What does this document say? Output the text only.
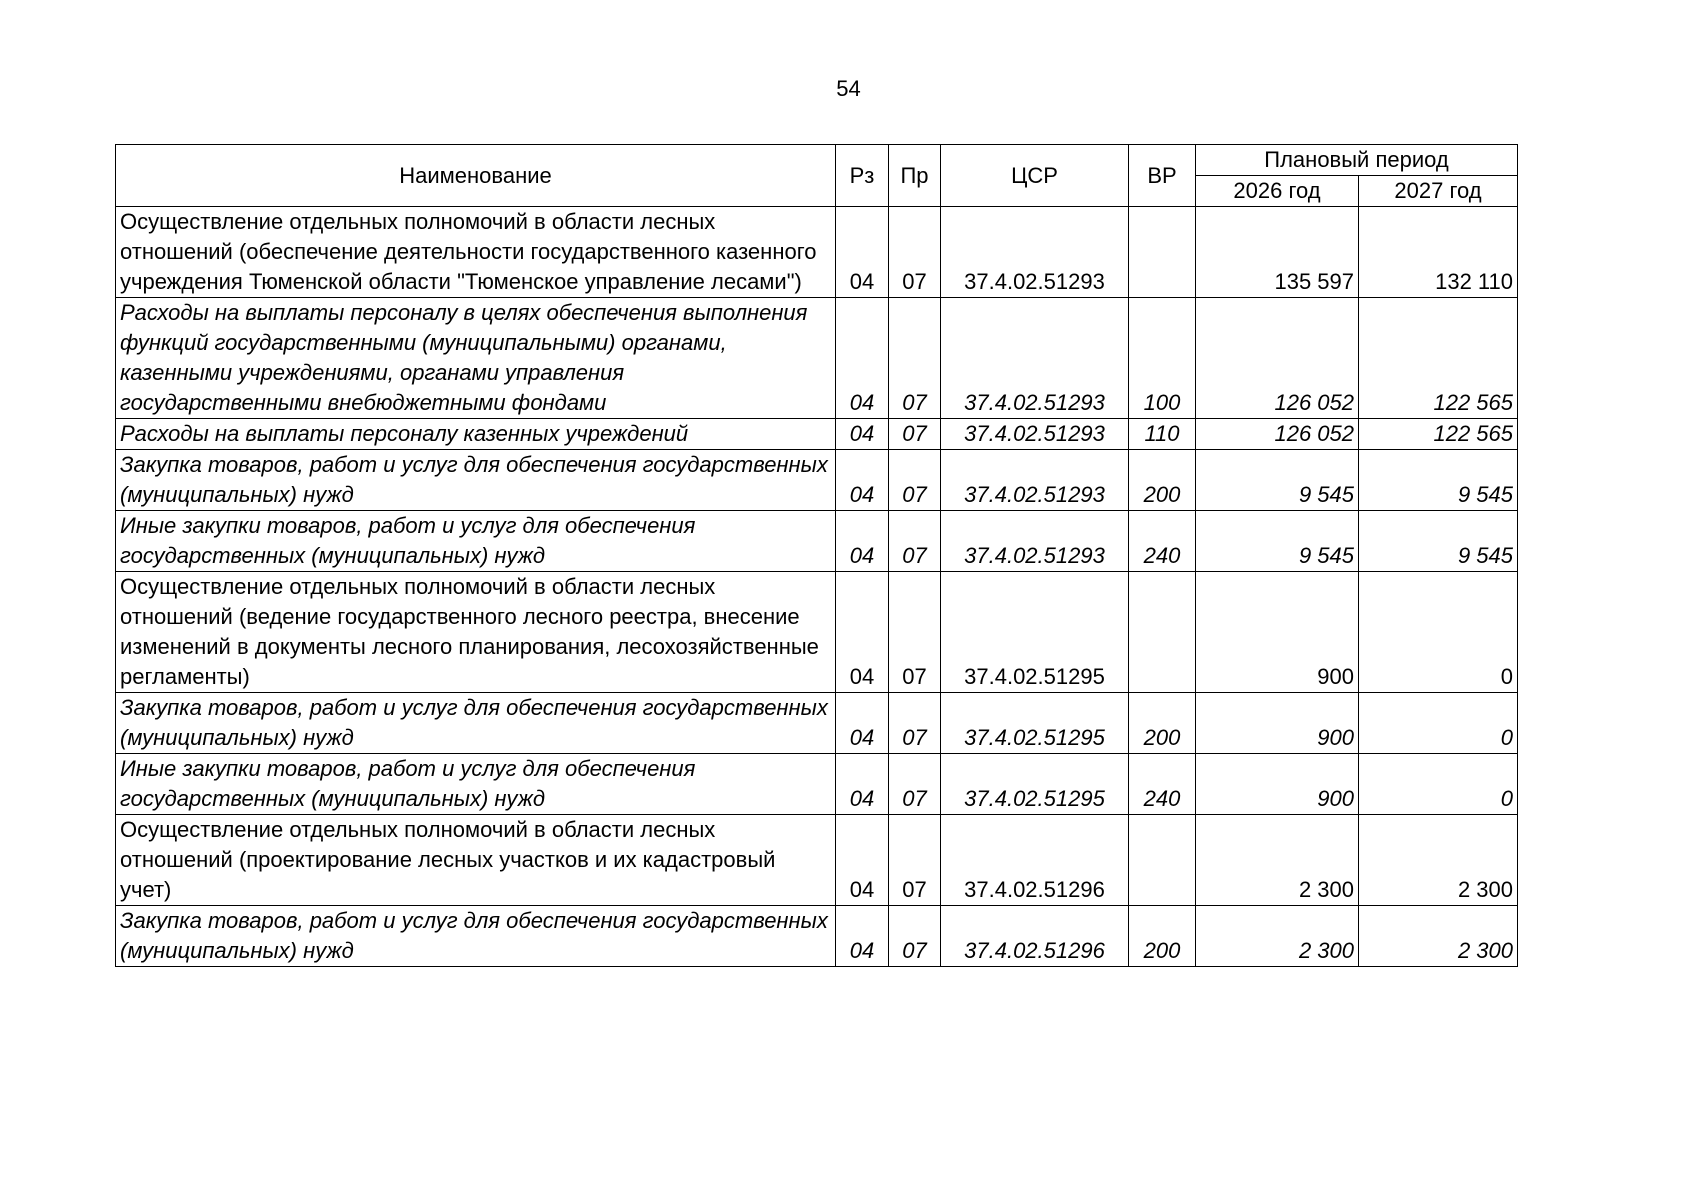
54
Наименование	Рз	Пр	ЦСР	ВР	Плановый период	
					2026 год	2027 год
Осуществление отдельных полномочий в области лесных отношений (обеспечение деятельности государственного казенного учреждения Тюменской области "Тюменское управление лесами")	04	07	37.4.02.51293		135 597	132 110
Расходы на выплаты персоналу в целях обеспечения выполнения функций государственными (муниципальными) органами, казенными учреждениями, органами управления государственными внебюджетными фондами	04	07	37.4.02.51293	100	126 052	122 565
Расходы на выплаты персоналу казенных учреждений	04	07	37.4.02.51293	110	126 052	122 565
Закупка товаров, работ и услуг для обеспечения государственных (муниципальных) нужд	04	07	37.4.02.51293	200	9 545	9 545
Иные закупки товаров, работ и услуг для обеспечения государственных (муниципальных) нужд	04	07	37.4.02.51293	240	9 545	9 545
Осуществление отдельных полномочий в области лесных отношений (ведение государственного лесного реестра, внесение изменений в документы лесного планирования, лесохозяйственные регламенты)	04	07	37.4.02.51295		900	0
Закупка товаров, работ и услуг для обеспечения государственных (муниципальных) нужд	04	07	37.4.02.51295	200	900	0
Иные закупки товаров, работ и услуг для обеспечения государственных (муниципальных) нужд	04	07	37.4.02.51295	240	900	0
Осуществление отдельных полномочий в области лесных отношений (проектирование лесных участков и их кадастровый учет)	04	07	37.4.02.51296		2 300	2 300
Закупка товаров, работ и услуг для обеспечения государственных (муниципальных) нужд	04	07	37.4.02.51296	200	2 300	2 300
